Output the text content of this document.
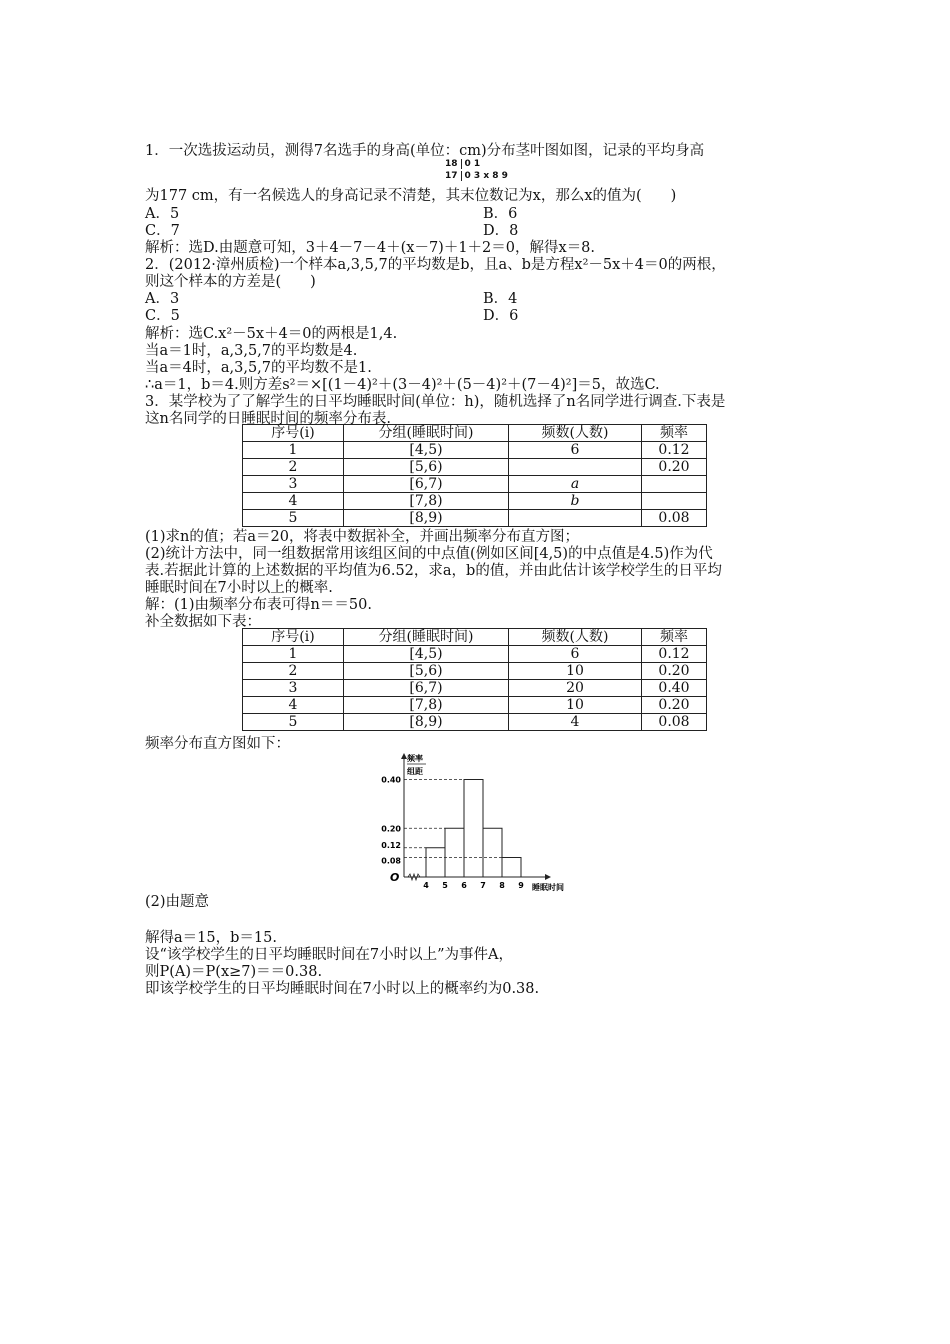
1．一次选拔运动员，测得7名选手的身高(单位：cm)分布茎叶图如图，记录的平均身高
18 0 1
17 0 3 x 8 9
为177 cm，有一名候选人的身高记录不清楚，其末位数记为x，那么x的值为(　　)
A．5	B．6
C．7	D．8
解析：选D.由题意可知，3＋4－7－4＋(x－7)＋1＋2＝0，解得x＝8.
2．(2012·漳州质检)一个样本a,3,5,7的平均数是b，且a、b是方程x²－5x＋4＝0的两根，
则这个样本的方差是(　　)
A．3	B．4
C．5	D．6
解析：选C.x²－5x＋4＝0的两根是1,4.
当a＝1时，a,3,5,7的平均数是4.
当a＝4时，a,3,5,7的平均数不是1.
∴a＝1，b＝4.则方差s²＝×[(1－4)²＋(3－4)²＋(5－4)²＋(7－4)²]＝5，故选C.
3．某学校为了了解学生的日平均睡眠时间(单位：h)，随机选择了n名同学进行调查.下表是
这n名同学的日睡眠时间的频率分布表.
序号(i)	分组(睡眠时间)	频数(人数)	频率
1	[4,5)	6	0.12
2	[5,6)		0.20
3	[6,7)	a	
4	[7,8)	b	
5	[8,9)		0.08
(1)求n的值；若a＝20，将表中数据补全，并画出频率分布直方图；
(2)统计方法中，同一组数据常用该组区间的中点值(例如区间[4,5)的中点值是4.5)作为代
表.若据此计算的上述数据的平均值为6.52，求a，b的值，并由此估计该学校学生的日平均
睡眠时间在7小时以上的概率.
解：(1)由频率分布表可得n＝＝50.
补全数据如下表：
序号(i)	分组(睡眠时间)	频数(人数)	频率
1	[4,5)	6	0.12
2	[5,6)	10	0.20
3	[6,7)	20	0.40
4	[7,8)	10	0.20
5	[8,9)	4	0.08
频率分布直方图如下：
O
频率
组距
睡眠时间
0.08
0.12
0.20
0.40
4 5 6 7 8 9
(2)由题意
解得a＝15，b＝15.
设“该学校学生的日平均睡眠时间在7小时以上”为事件A，
则P(A)＝P(x≥7)＝＝0.38.
即该学校学生的日平均睡眠时间在7小时以上的概率约为0.38.
